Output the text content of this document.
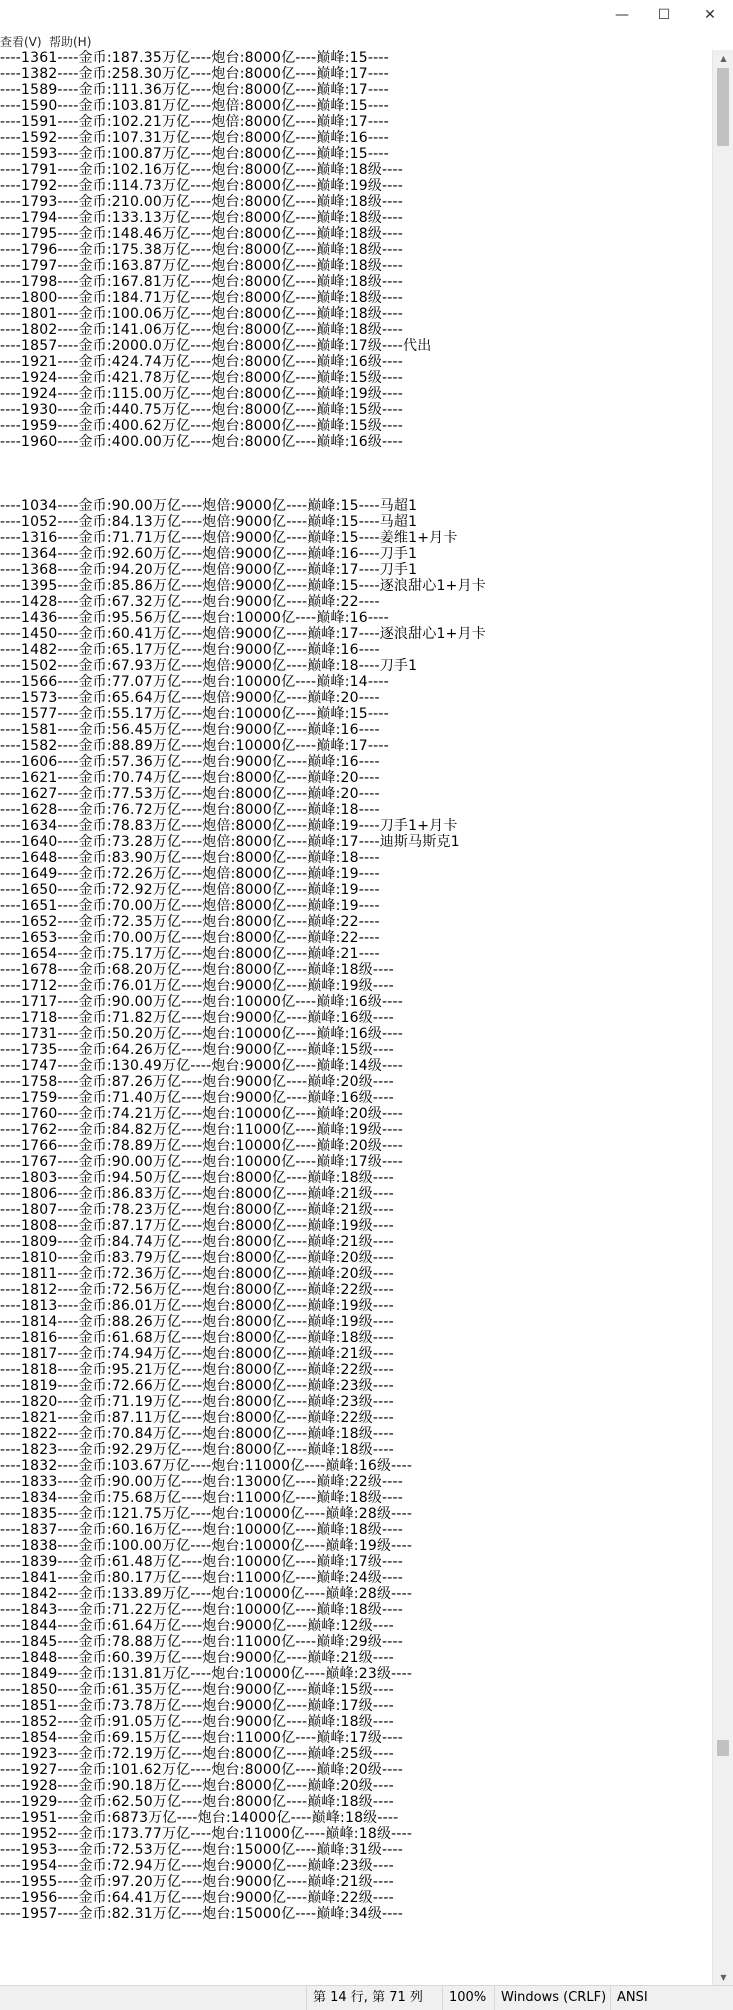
— ☐ ✕
查看(V) 帮助(H)
----1361----金币:187.35万亿----炮台:8000亿----巅峰:15----
----1382----金币:258.30万亿----炮台:8000亿----巅峰:17----
----1589----金币:111.36万亿----炮台:8000亿----巅峰:17----
----1590----金币:103.81万亿----炮倍:8000亿----巅峰:15----
----1591----金币:102.21万亿----炮倍:8000亿----巅峰:17----
----1592----金币:107.31万亿----炮台:8000亿----巅峰:16----
----1593----金币:100.87万亿----炮台:8000亿----巅峰:15----
----1791----金币:102.16万亿----炮台:8000亿----巅峰:18级----
----1792----金币:114.73万亿----炮台:8000亿----巅峰:19级----
----1793----金币:210.00万亿----炮台:8000亿----巅峰:18级----
----1794----金币:133.13万亿----炮台:8000亿----巅峰:18级----
----1795----金币:148.46万亿----炮台:8000亿----巅峰:18级----
----1796----金币:175.38万亿----炮台:8000亿----巅峰:18级----
----1797----金币:163.87万亿----炮台:8000亿----巅峰:18级----
----1798----金币:167.81万亿----炮台:8000亿----巅峰:18级----
----1800----金币:184.71万亿----炮台:8000亿----巅峰:18级----
----1801----金币:100.06万亿----炮台:8000亿----巅峰:18级----
----1802----金币:141.06万亿----炮台:8000亿----巅峰:18级----
----1857----金币:2000.0万亿----炮台:8000亿----巅峰:17级----代出
----1921----金币:424.74万亿----炮台:8000亿----巅峰:16级----
----1924----金币:421.78万亿----炮台:8000亿----巅峰:15级----
----1924----金币:115.00万亿----炮台:8000亿----巅峰:19级----
----1930----金币:440.75万亿----炮台:8000亿----巅峰:15级----
----1959----金币:400.62万亿----炮台:8000亿----巅峰:15级----
----1960----金币:400.00万亿----炮台:8000亿----巅峰:16级----
----1034----金币:90.00万亿----炮倍:9000亿----巅峰:15----马超1
----1052----金币:84.13万亿----炮倍:9000亿----巅峰:15----马超1
----1316----金币:71.71万亿----炮倍:9000亿----巅峰:15----姜维1+月卡
----1364----金币:92.60万亿----炮倍:9000亿----巅峰:16----刀手1
----1368----金币:94.20万亿----炮倍:9000亿----巅峰:17----刀手1
----1395----金币:85.86万亿----炮倍:9000亿----巅峰:15----逐浪甜心1+月卡
----1428----金币:67.32万亿----炮台:9000亿----巅峰:22----
----1436----金币:95.56万亿----炮台:10000亿----巅峰:16----
----1450----金币:60.41万亿----炮倍:9000亿----巅峰:17----逐浪甜心1+月卡
----1482----金币:65.17万亿----炮台:9000亿----巅峰:16----
----1502----金币:67.93万亿----炮倍:9000亿----巅峰:18----刀手1
----1566----金币:77.07万亿----炮台:10000亿----巅峰:14----
----1573----金币:65.64万亿----炮倍:9000亿----巅峰:20----
----1577----金币:55.17万亿----炮台:10000亿----巅峰:15----
----1581----金币:56.45万亿----炮台:9000亿----巅峰:16----
----1582----金币:88.89万亿----炮台:10000亿----巅峰:17----
----1606----金币:57.36万亿----炮台:9000亿----巅峰:16----
----1621----金币:70.74万亿----炮台:8000亿----巅峰:20----
----1627----金币:77.53万亿----炮台:8000亿----巅峰:20----
----1628----金币:76.72万亿----炮台:8000亿----巅峰:18----
----1634----金币:78.83万亿----炮倍:8000亿----巅峰:19----刀手1+月卡
----1640----金币:73.28万亿----炮倍:8000亿----巅峰:17----迪斯马斯克1
----1648----金币:83.90万亿----炮台:8000亿----巅峰:18----
----1649----金币:72.26万亿----炮倍:8000亿----巅峰:19----
----1650----金币:72.92万亿----炮倍:8000亿----巅峰:19----
----1651----金币:70.00万亿----炮倍:8000亿----巅峰:19----
----1652----金币:72.35万亿----炮台:8000亿----巅峰:22----
----1653----金币:70.00万亿----炮台:8000亿----巅峰:22----
----1654----金币:75.17万亿----炮台:8000亿----巅峰:21----
----1678----金币:68.20万亿----炮台:8000亿----巅峰:18级----
----1712----金币:76.01万亿----炮台:9000亿----巅峰:19级----
----1717----金币:90.00万亿----炮台:10000亿----巅峰:16级----
----1718----金币:71.82万亿----炮台:9000亿----巅峰:16级----
----1731----金币:50.20万亿----炮台:10000亿----巅峰:16级----
----1735----金币:64.26万亿----炮台:9000亿----巅峰:15级----
----1747----金币:130.49万亿----炮台:9000亿----巅峰:14级----
----1758----金币:87.26万亿----炮台:9000亿----巅峰:20级----
----1759----金币:71.40万亿----炮台:9000亿----巅峰:16级----
----1760----金币:74.21万亿----炮台:10000亿----巅峰:20级----
----1762----金币:84.82万亿----炮台:11000亿----巅峰:19级----
----1766----金币:78.89万亿----炮台:10000亿----巅峰:20级----
----1767----金币:90.00万亿----炮台:10000亿----巅峰:17级----
----1803----金币:94.50万亿----炮台:8000亿----巅峰:18级----
----1806----金币:86.83万亿----炮台:8000亿----巅峰:21级----
----1807----金币:78.23万亿----炮台:8000亿----巅峰:21级----
----1808----金币:87.17万亿----炮台:8000亿----巅峰:19级----
----1809----金币:84.74万亿----炮台:8000亿----巅峰:21级----
----1810----金币:83.79万亿----炮台:8000亿----巅峰:20级----
----1811----金币:72.36万亿----炮台:8000亿----巅峰:20级----
----1812----金币:72.56万亿----炮台:8000亿----巅峰:22级----
----1813----金币:86.01万亿----炮台:8000亿----巅峰:19级----
----1814----金币:88.26万亿----炮台:8000亿----巅峰:19级----
----1816----金币:61.68万亿----炮台:8000亿----巅峰:18级----
----1817----金币:74.94万亿----炮台:8000亿----巅峰:21级----
----1818----金币:95.21万亿----炮台:8000亿----巅峰:22级----
----1819----金币:72.66万亿----炮台:8000亿----巅峰:23级----
----1820----金币:71.19万亿----炮台:8000亿----巅峰:23级----
----1821----金币:87.11万亿----炮台:8000亿----巅峰:22级----
----1822----金币:70.84万亿----炮台:8000亿----巅峰:18级----
----1823----金币:92.29万亿----炮台:8000亿----巅峰:18级----
----1832----金币:103.67万亿----炮台:11000亿----巅峰:16级----
----1833----金币:90.00万亿----炮台:13000亿----巅峰:22级----
----1834----金币:75.68万亿----炮台:11000亿----巅峰:18级----
----1835----金币:121.75万亿----炮台:10000亿----巅峰:28级----
----1837----金币:60.16万亿----炮台:10000亿----巅峰:18级----
----1838----金币:100.00万亿----炮台:10000亿----巅峰:19级----
----1839----金币:61.48万亿----炮台:10000亿----巅峰:17级----
----1841----金币:80.17万亿----炮台:11000亿----巅峰:24级----
----1842----金币:133.89万亿----炮台:10000亿----巅峰:28级----
----1843----金币:71.22万亿----炮台:10000亿----巅峰:18级----
----1844----金币:61.64万亿----炮台:9000亿----巅峰:12级----
----1845----金币:78.88万亿----炮台:11000亿----巅峰:29级----
----1848----金币:60.39万亿----炮台:9000亿----巅峰:21级----
----1849----金币:131.81万亿----炮台:10000亿----巅峰:23级----
----1850----金币:61.35万亿----炮台:9000亿----巅峰:15级----
----1851----金币:73.78万亿----炮台:9000亿----巅峰:17级----
----1852----金币:91.05万亿----炮台:9000亿----巅峰:18级----
----1854----金币:69.15万亿----炮台:11000亿----巅峰:17级----
----1923----金币:72.19万亿----炮台:8000亿----巅峰:25级----
----1927----金币:101.62万亿----炮台:8000亿----巅峰:20级----
----1928----金币:90.18万亿----炮台:8000亿----巅峰:20级----
----1929----金币:62.50万亿----炮台:8000亿----巅峰:18级----
----1951----金币:6873万亿----炮台:14000亿----巅峰:18级----
----1952----金币:173.77万亿----炮台:11000亿----巅峰:18级----
----1953----金币:72.53万亿----炮台:15000亿----巅峰:31级----
----1954----金币:72.94万亿----炮台:9000亿----巅峰:23级----
----1955----金币:97.20万亿----炮台:9000亿----巅峰:21级----
----1956----金币:64.41万亿----炮台:9000亿----巅峰:22级----
----1957----金币:82.31万亿----炮台:15000亿----巅峰:34级----
▲
▼
第 14 行, 第 71 列	100%	Windows (CRLF) ANSI
